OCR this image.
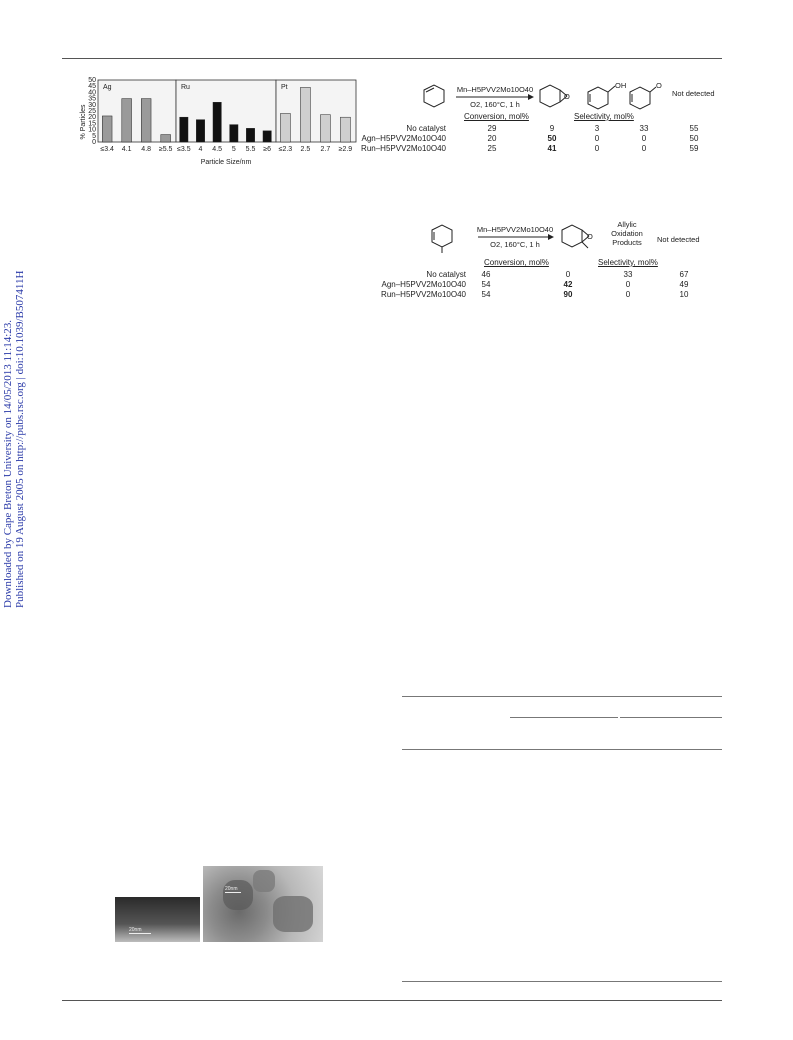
Downloaded by Cape Breton University on 14/05/2013 11:14:23. Published on 19 August 2005 on http://pubs.rsc.org | doi:10.1039/B507411H
% Particles
Particle Size/nm
0
5
10
15
20
25
30
35
40
45
50
Ag
≤3.4 4.1 4.8 ≥5.5
Ru
≤3.5 4 4.5 5 5.5 ≥6
Pt
≤2.3 2.5 2.7 ≥2.9
Mn–H5PVV2Mo10O40
O2, 160°C, 1 h
O
OH	O
Not detected
Conversion, mol%	Selectivity, mol%
No catalyst	29	9	3	33	55
Agn–H5PVV2Mo10O40	20	50	0	0	50
Run–H5PVV2Mo10O40	25	41	0	0	59
Mn–H5PVV2Mo10O40
O2, 160°C, 1 h
O
Allylic
Oxidation
Products Not detected
Conversion, mol%	Selectivity, mol%
No catalyst	46	0	33	67
Agn–H5PVV2Mo10O40	54	42	0	49
Run–H5PVV2Mo10O40	54	90	0	10
20nm
20nm
